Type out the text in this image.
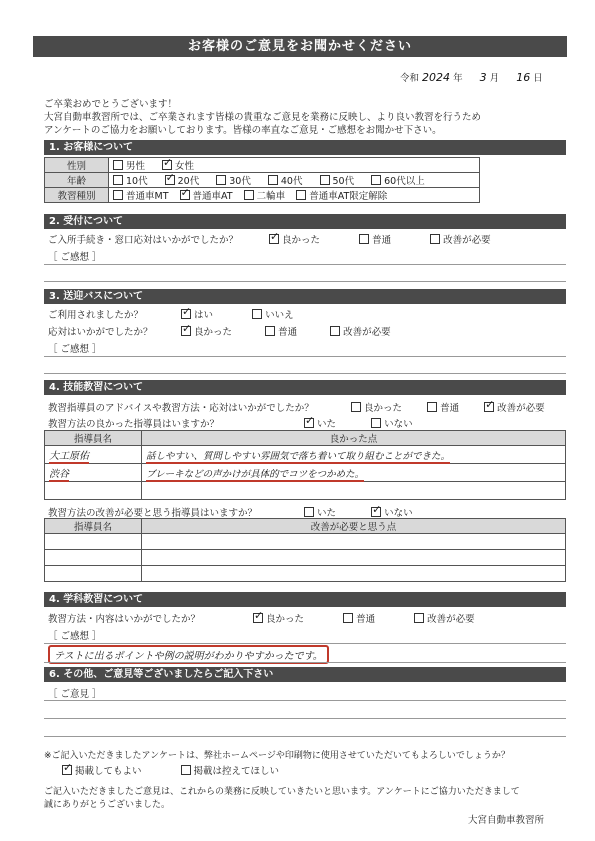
お客様のご意見をお聞かせください
令和 2024 年 3 月 16 日
ご卒業おめでとうございます！
大宮自動車教習所では、ご卒業されます皆様の貴重なご意見を業務に反映し、より良い教習を行うため
アンケートのご協力をお願いしております。皆様の率直なご意見・ご感想をお聞かせ下さい。
1. お客様について
性別	男性 ✓ 女性
年齢	10代 ✓ 20代 30代 40代 50代 60代以上
教習種別	普通車MT ✓ 普通車AT 二輪車 普通車AT限定解除
2. 受付について
ご入所手続き・窓口応対はいかがでしたか？ ✓	良かった	普通	改善が必要
［ ご感想 ］
3. 送迎バスについて
ご利用されましたか？ ✓	はい	いいえ
応対はいかがでしたか？ ✓	良かった	普通	改善が必要
［ ご感想 ］
4. 技能教習について
教習指導員のアドバイスや教習方法・応対はいかがでしたか？	良かった	普通 ✓	改善が必要
教習方法の良かった指導員はいますか？ ✓	いた	いない
指導員名	良かった点
大工原佑	話しやすい、質問しやすい雰囲気で落ち着いて取り組むことができた。
渋谷	ブレーキなどの声かけが具体的でコツをつかめた。

教習方法の改善が必要と思う指導員はいますか？	いた ✓	いない
指導員名	改善が必要と思う点

4. 学科教習について
教習方法・内容はいかがでしたか？ ✓	良かった	普通	改善が必要
［ ご感想 ］
テストに出るポイントや例の説明がわかりやすかったです。
6. その他、ご意見等ございましたらご記入下さい
［ ご意見 ］
※ご記入いただきましたアンケートは、弊社ホームページや印刷物に使用させていただいてもよろしいでしょうか？
✓掲載してもよい	掲載は控えてほしい
ご記入いただきましたご意見は、これからの業務に反映していきたいと思います。アンケートにご協力いただきまして
誠にありがとうございました。
大宮自動車教習所
